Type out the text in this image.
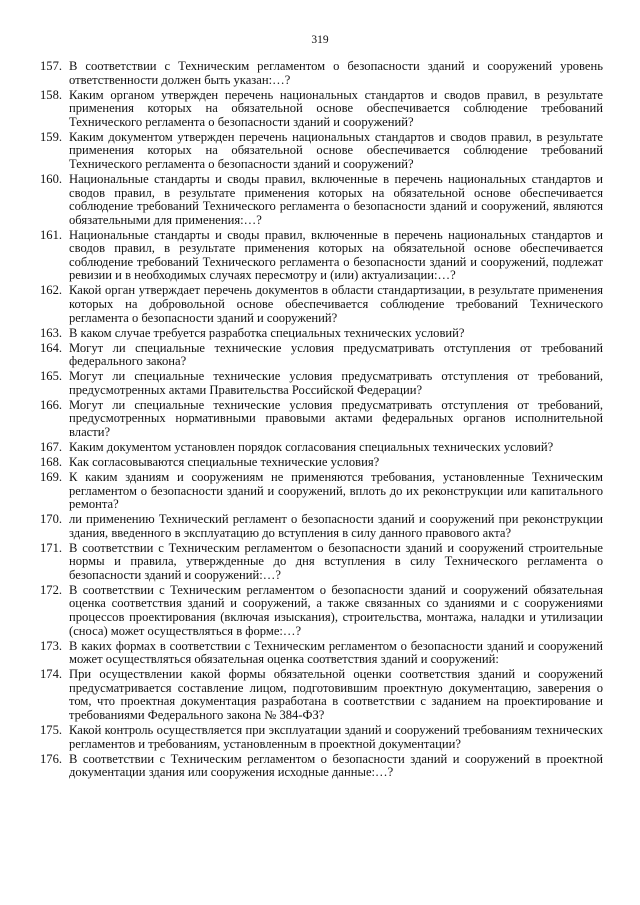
319
157. В соответствии с Техническим регламентом о безопасности зданий и сооружений уровень ответственности должен быть указан:…?
158. Каким органом утвержден перечень национальных стандартов и сводов правил, в результате применения которых на обязательной основе обеспечивается соблюдение требований Технического регламента о безопасности зданий и сооружений?
159. Каким документом утвержден перечень национальных стандартов и сводов правил, в результате применения которых на обязательной основе обеспечивается соблюдение требований Технического регламента о безопасности зданий и сооружений?
160. Национальные стандарты и своды правил, включенные в перечень национальных стандартов и сводов правил, в результате применения которых на обязательной основе обеспечивается соблюдение требований Технического регламента о безопасности зданий и сооружений, являются обязательными для применения:…?
161. Национальные стандарты и своды правил, включенные в перечень национальных стандартов и сводов правил, в результате применения которых на обязательной основе обеспечивается соблюдение требований Технического регламента о безопасности зданий и сооружений, подлежат ревизии и в необходимых случаях пересмотру и (или) актуализации:…?
162. Какой орган утверждает перечень документов в области стандартизации, в результате применения которых на добровольной основе обеспечивается соблюдение требований Технического регламента о безопасности зданий и сооружений?
163. В каком случае требуется разработка специальных технических условий?
164. Могут ли специальные технические условия предусматривать отступления от требований федерального закона?
165. Могут ли специальные технические условия предусматривать отступления от требований, предусмотренных актами Правительства Российской Федерации?
166. Могут ли специальные технические условия предусматривать отступления от требований, предусмотренных нормативными правовыми актами федеральных органов исполнительной власти?
167. Каким документом установлен порядок согласования специальных технических условий?
168. Как согласовываются специальные технические условия?
169. К каким зданиям и сооружениям не применяются требования, установленные Техническим регламентом о безопасности зданий и сооружений, вплоть до их реконструкции или капитального ремонта?
170. ли применению Технический регламент о безопасности зданий и сооружений при реконструкции здания, введенного в эксплуатацию до вступления в силу данного правового акта?
171. В соответствии с Техническим регламентом о безопасности зданий и сооружений строительные нормы и правила, утвержденные до дня вступления в силу Технического регламента о безопасности зданий и сооружений:…?
172. В соответствии с Техническим регламентом о безопасности зданий и сооружений обязательная оценка соответствия зданий и сооружений, а также связанных со зданиями и с сооружениями процессов проектирования (включая изыскания), строительства, монтажа, наладки и утилизации (сноса) может осуществляться в форме:…?
173. В каких формах в соответствии с Техническим регламентом о безопасности зданий и сооружений может осуществляться обязательная оценка соответствия зданий и сооружений:
174. При осуществлении какой формы обязательной оценки соответствия зданий и сооружений предусматривается составление лицом, подготовившим проектную документацию, заверения о том, что проектная документация разработана в соответствии с заданием на проектирование и требованиями Федерального закона № 384-ФЗ?
175. Какой контроль осуществляется при эксплуатации зданий и сооружений требованиям технических регламентов и требованиям, установленным в проектной документации?
176. В соответствии с Техническим регламентом о безопасности зданий и сооружений в проектной документации здания или сооружения исходные данные:…?
